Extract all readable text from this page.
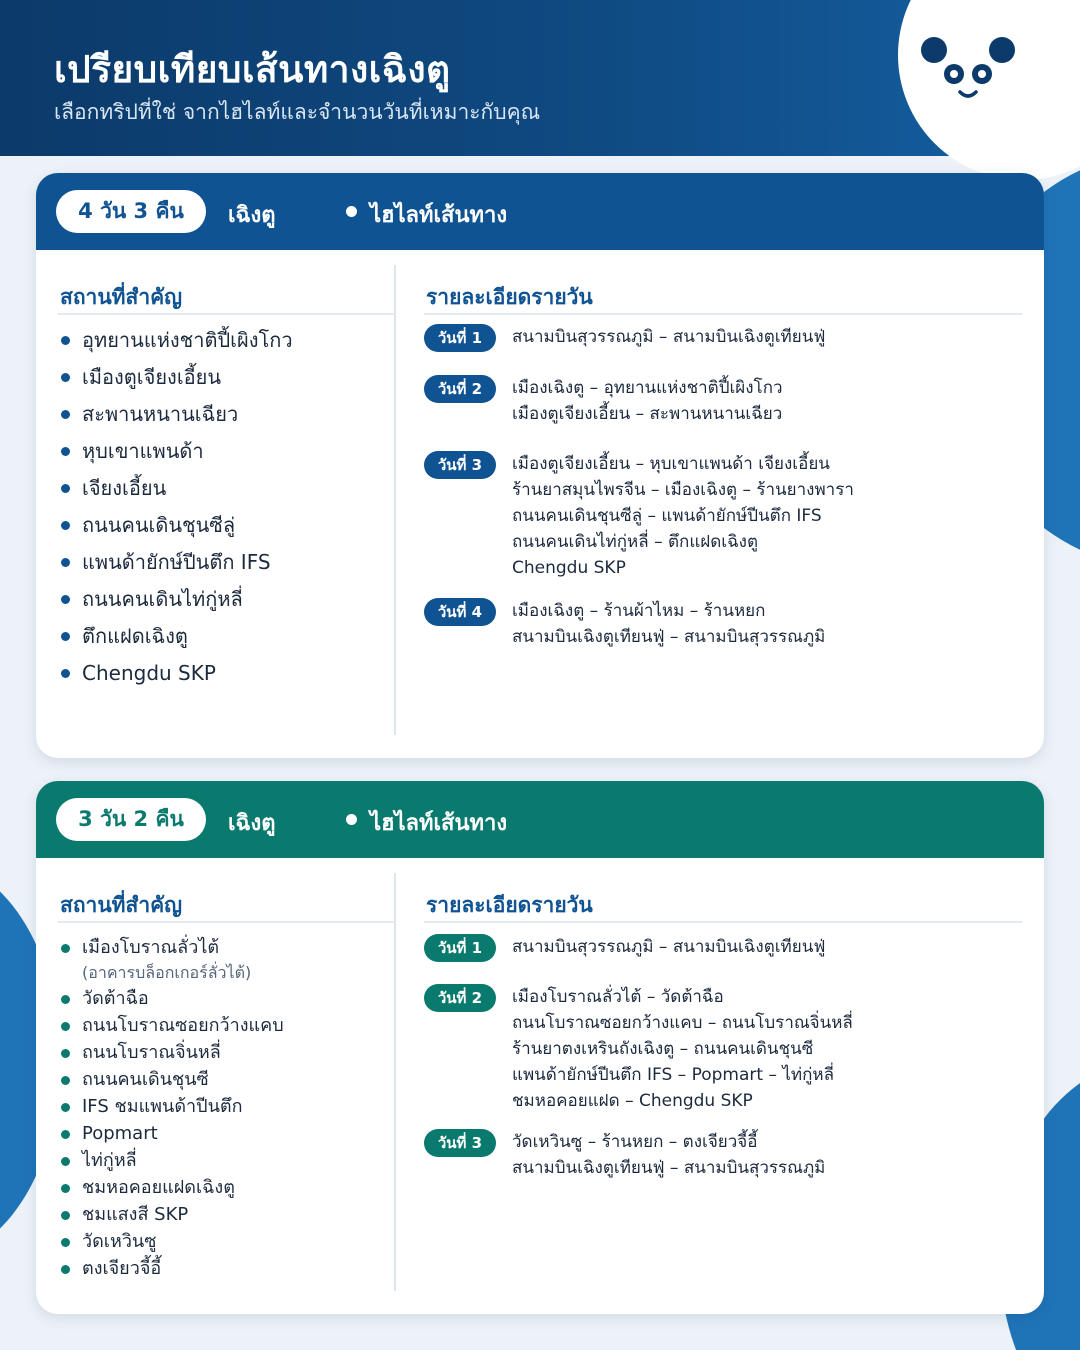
เปรียบเทียบเส้นทางเฉิงตู

เลือกทริปที่ใช่ จากไฮไลท์และจำนวนวันที่เหมาะกับคุณ

4 วัน 3 คืน	เฉิงตู	ไฮไลท์เส้นทาง
สถานที่สำคัญ	รายละเอียดรายวัน
อุทยานแห่งชาติปี้เผิงโกว
เมืองตูเจียงเอี้ยน
สะพานหนานเฉียว
หุบเขาแพนด้า
เจียงเอี้ยน
ถนนคนเดินชุนซีลู่
แพนด้ายักษ์ปีนตึก IFS
ถนนคนเดินไท่กู่หลี่
ตึกแฝดเฉิงตู
Chengdu SKP
วันที่ 1	สนามบินสุวรรณภูมิ – สนามบินเฉิงตูเทียนฟู่
วันที่ 2	เมืองเฉิงตู – อุทยานแห่งชาติปี้เผิงโกว
เมืองตูเจียงเอี้ยน – สะพานหนานเฉียว
วันที่ 3	เมืองตูเจียงเอี้ยน – หุบเขาแพนด้า เจียงเอี้ยน
ร้านยาสมุนไพรจีน – เมืองเฉิงตู – ร้านยางพารา
ถนนคนเดินชุนซีลู่ – แพนด้ายักษ์ปีนตึก IFS
ถนนคนเดินไท่กู่หลี่ – ตึกแฝดเฉิงตู
Chengdu SKP
วันที่ 4	เมืองเฉิงตู – ร้านผ้าไหม – ร้านหยก
สนามบินเฉิงตูเทียนฟู่ – สนามบินสุวรรณภูมิ
3 วัน 2 คืน	เฉิงตู	ไฮไลท์เส้นทาง
สถานที่สำคัญ	รายละเอียดรายวัน
เมืองโบราณลั่วไต้
(อาคารบล็อกเกอร์ลั่วไต้)
วัดต้าฉือ
ถนนโบราณซอยกว้างแคบ
ถนนโบราณจิ่นหลี่
ถนนคนเดินชุนซี
IFS ชมแพนด้าปีนตึก
Popmart
ไท่กู่หลี่
ชมหอคอยแฝดเฉิงตู
ชมแสงสี SKP
วัดเหวินซู
ตงเจียวจี้อี้
วันที่ 1	สนามบินสุวรรณภูมิ – สนามบินเฉิงตูเทียนฟู่
วันที่ 2	เมืองโบราณลั่วไต้ – วัดต้าฉือ
ถนนโบราณซอยกว้างแคบ – ถนนโบราณจิ่นหลี่
ร้านยาตงเหรินถังเฉิงตู – ถนนคนเดินชุนซี
แพนด้ายักษ์ปีนตึก IFS – Popmart – ไท่กู่หลี่
ชมหอคอยแฝด – Chengdu SKP
วันที่ 3	วัดเหวินซู – ร้านหยก – ตงเจียวจี้อี้
สนามบินเฉิงตูเทียนฟู่ – สนามบินสุวรรณภูมิ
